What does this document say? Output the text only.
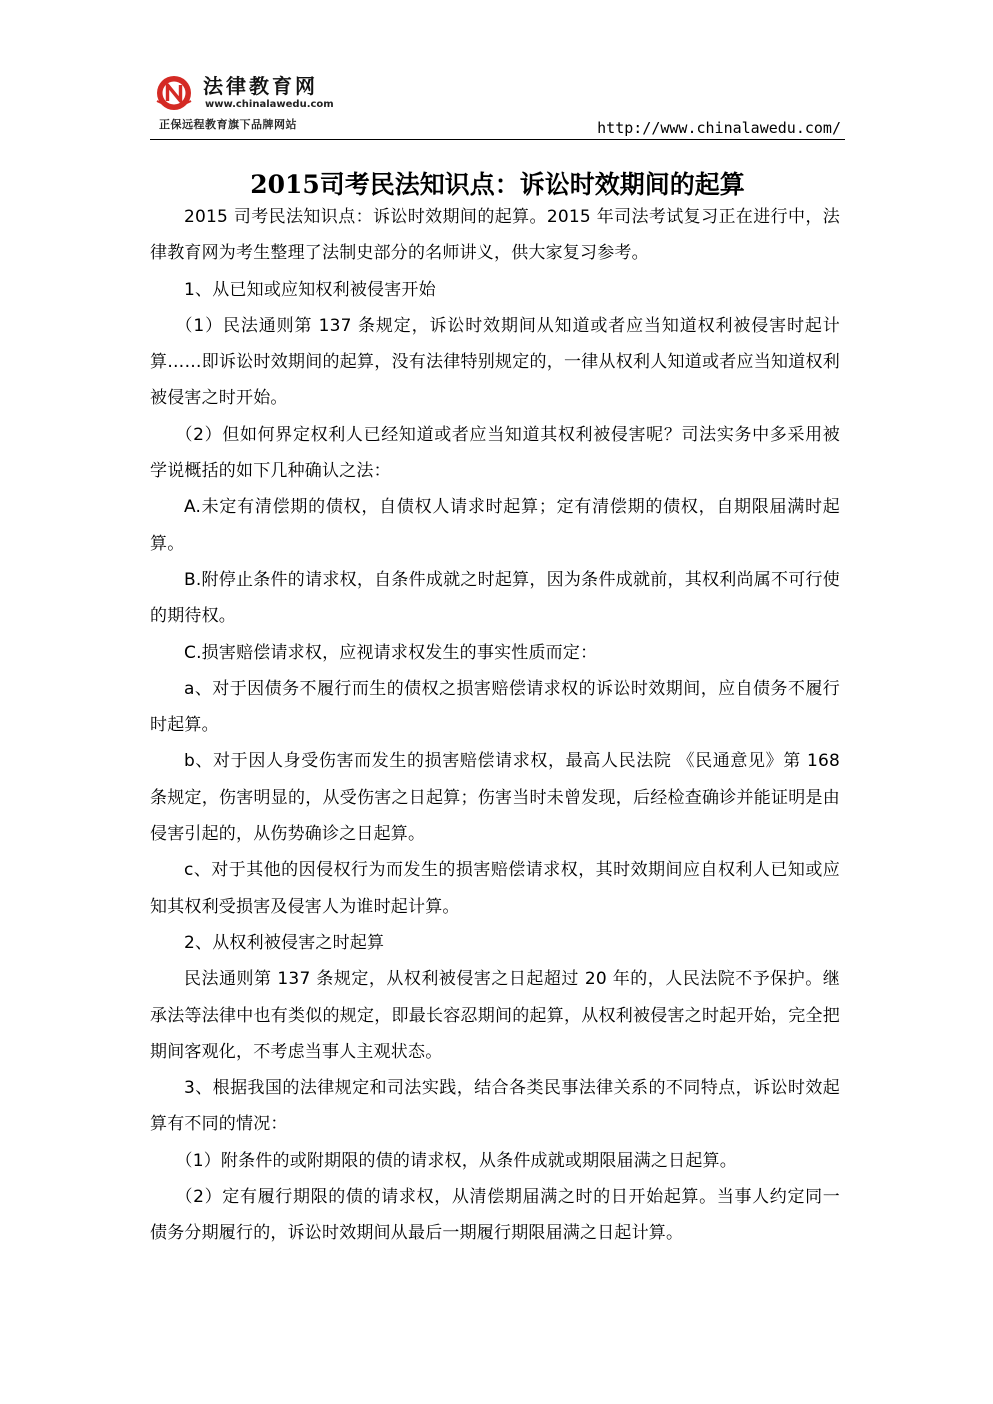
法律教育网
www.chinalawedu.com
正保远程教育旗下品牌网站	http://www.chinalawedu.com/
2015司考民法知识点：诉讼时效期间的起算

2015 司考民法知识点：诉讼时效期间的起算。2015 年司法考试复习正在进行中，法律教育网为考生整理了法制史部分的名师讲义，供大家复习参考。

1、从已知或应知权利被侵害开始

（1）民法通则第 137 条规定，诉讼时效期间从知道或者应当知道权利被侵害时起计算……即诉讼时效期间的起算，没有法律特别规定的，一律从权利人知道或者应当知道权利被侵害之时开始。

（2）但如何界定权利人已经知道或者应当知道其权利被侵害呢？司法实务中多采用被学说概括的如下几种确认之法：

A.未定有清偿期的债权，自债权人请求时起算；定有清偿期的债权，自期限届满时起算。

B.附停止条件的请求权，自条件成就之时起算，因为条件成就前，其权利尚属不可行使的期待权。

C.损害赔偿请求权，应视请求权发生的事实性质而定：

a、对于因债务不履行而生的债权之损害赔偿请求权的诉讼时效期间，应自债务不履行时起算。

b、对于因人身受伤害而发生的损害赔偿请求权，最高人民法院 《民通意见》第 168 条规定，伤害明显的，从受伤害之日起算；伤害当时未曾发现，后经检查确诊并能证明是由侵害引起的，从伤势确诊之日起算。

c、对于其他的因侵权行为而发生的损害赔偿请求权，其时效期间应自权利人已知或应知其权利受损害及侵害人为谁时起计算。

2、从权利被侵害之时起算

民法通则第 137 条规定，从权利被侵害之日起超过 20 年的，人民法院不予保护。继承法等法律中也有类似的规定，即最长容忍期间的起算，从权利被侵害之时起开始，完全把期间客观化，不考虑当事人主观状态。

3、根据我国的法律规定和司法实践，结合各类民事法律关系的不同特点，诉讼时效起算有不同的情况：

（1）附条件的或附期限的债的请求权，从条件成就或期限届满之日起算。

（2）定有履行期限的债的请求权，从清偿期届满之时的日开始起算。当事人约定同一债务分期履行的，诉讼时效期间从最后一期履行期限届满之日起计算。
